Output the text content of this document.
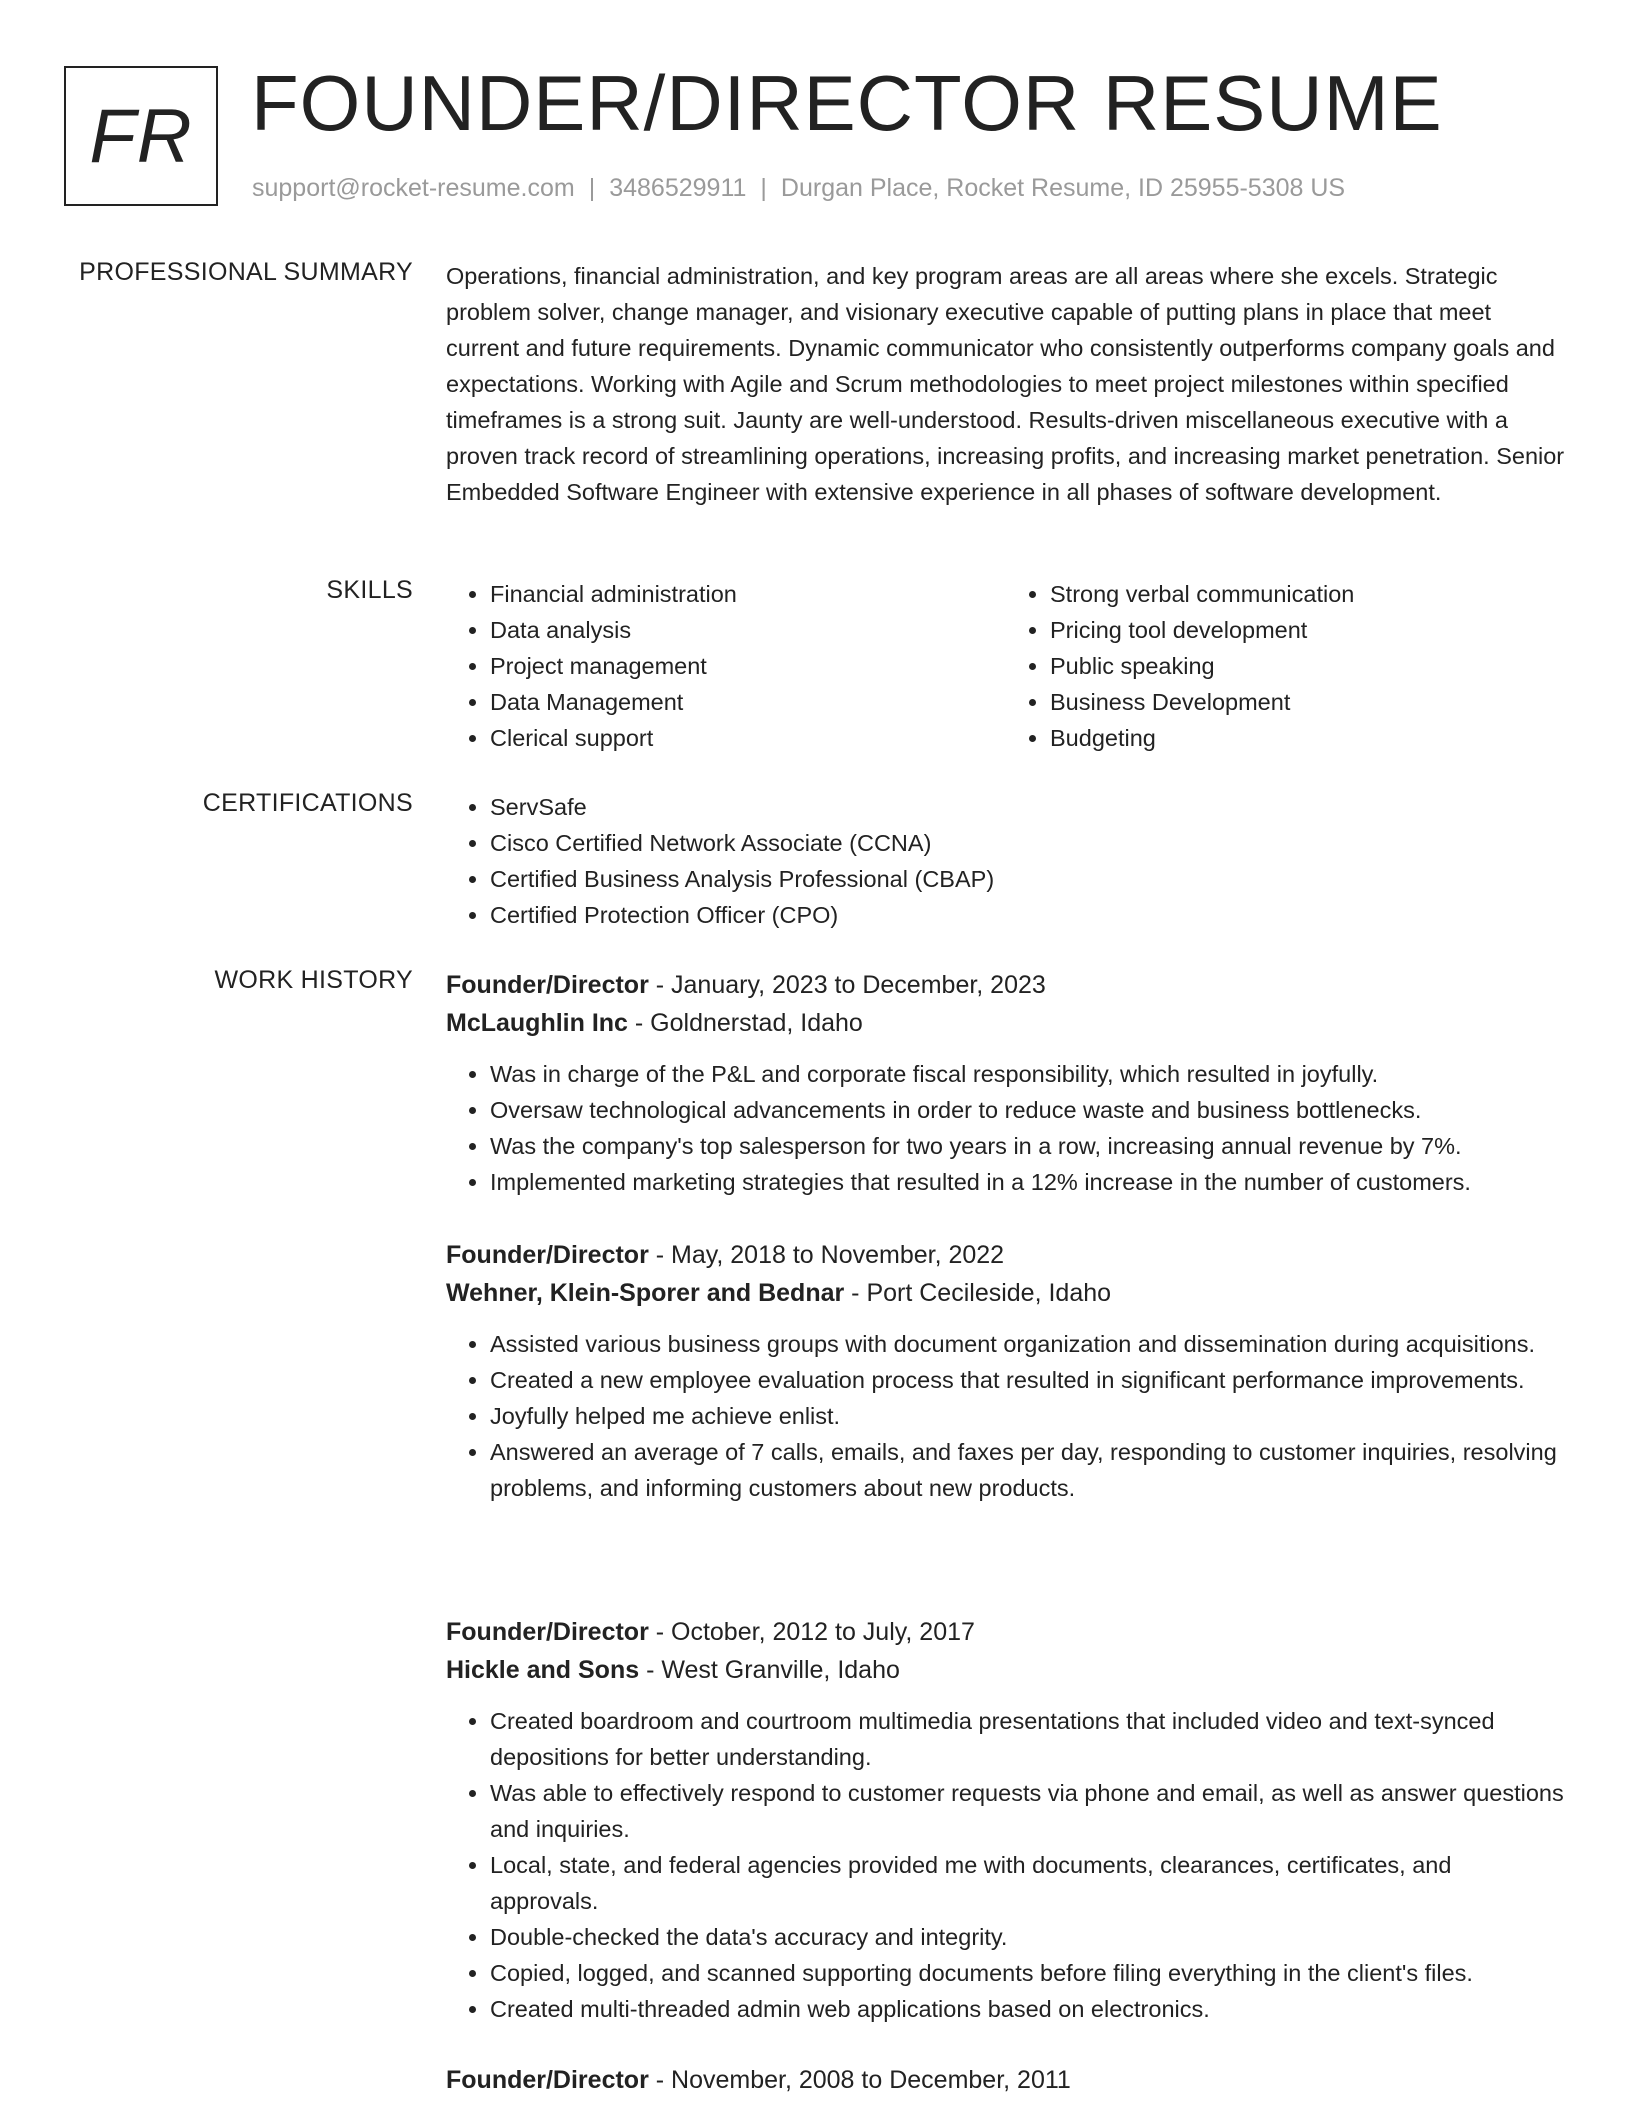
FR FOUNDER/DIRECTOR RESUME
support@rocket-resume.com | 3486529911 | Durgan Place, Rocket Resume, ID 25955-5308 US
PROFESSIONAL SUMMARY Operations, financial administration, and key program areas are all areas where she excels. Strategic problem solver, change manager, and visionary executive capable of putting plans in place that meet current and future requirements. Dynamic communicator who consistently outperforms company goals and expectations. Working with Agile and Scrum methodologies to meet project milestones within specified timeframes is a strong suit. Jaunty are well-understood. Results-driven miscellaneous executive with a proven track record of streamlining operations, increasing profits, and increasing market penetration. Senior Embedded Software Engineer with extensive experience in all phases of software development.

SKILLS	• Financial administration
• Data analysis
• Project management
• Data Management
• Clerical support
• Strong verbal communication
• Pricing tool development
• Public speaking
• Business Development
• Budgeting
CERTIFICATIONS	• ServSafe
• Cisco Certified Network Associate (CCNA)
• Certified Business Analysis Professional (CBAP)
• Certified Protection Officer (CPO)
WORK HISTORY Founder/Director - January, 2023 to December, 2023
McLaughlin Inc - Goldnerstad, Idaho
• Was in charge of the P&L and corporate fiscal responsibility, which resulted in joyfully.
• Oversaw technological advancements in order to reduce waste and business bottlenecks.
• Was the company's top salesperson for two years in a row, increasing annual revenue by 7%.
• Implemented marketing strategies that resulted in a 12% increase in the number of customers.
Founder/Director - May, 2018 to November, 2022
Wehner, Klein-Sporer and Bednar - Port Cecileside, Idaho
• Assisted various business groups with document organization and dissemination during acquisitions.
• Created a new employee evaluation process that resulted in significant performance improvements.
• Joyfully helped me achieve enlist.
• Answered an average of 7 calls, emails, and faxes per day, responding to customer inquiries, resolving problems, and informing customers about new products.
Founder/Director - October, 2012 to July, 2017
Hickle and Sons - West Granville, Idaho
• Created boardroom and courtroom multimedia presentations that included video and text-synced depositions for better understanding.
• Was able to effectively respond to customer requests via phone and email, as well as answer questions and inquiries.
• Local, state, and federal agencies provided me with documents, clearances, certificates, and approvals.
• Double-checked the data's accuracy and integrity.
• Copied, logged, and scanned supporting documents before filing everything in the client's files.
• Created multi-threaded admin web applications based on electronics.
Founder/Director - November, 2008 to December, 2011
